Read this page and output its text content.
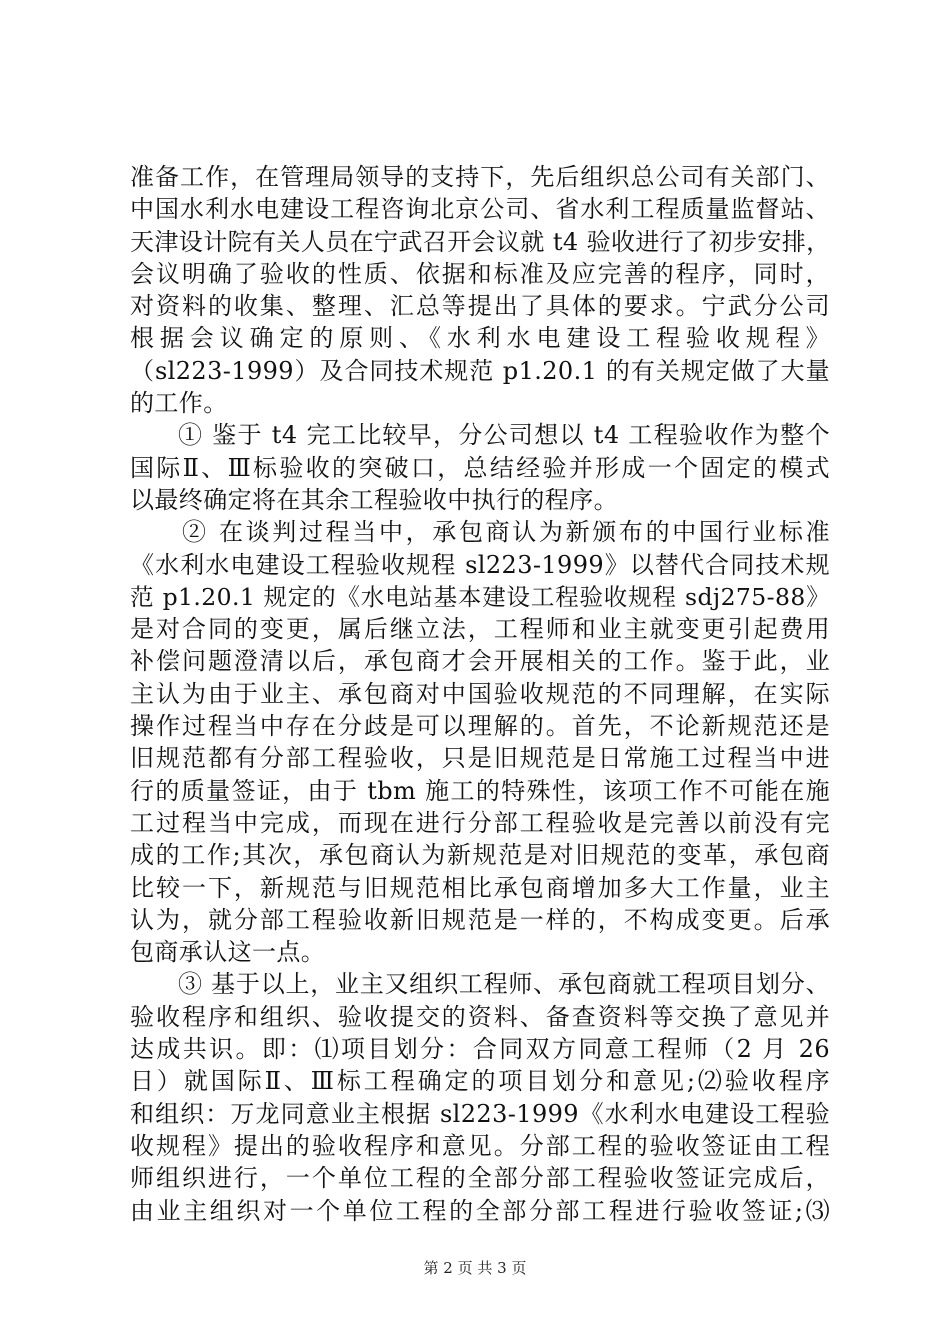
准备工作，在管理局领导的支持下，先后组织总公司有关部门、
中国水利水电建设工程咨询北京公司、省水利工程质量监督站、
天津设计院有关人员在宁武召开会议就 t4 验收进行了初步安排，
会议明确了验收的性质、依据和标准及应完善的程序，同时，
对资料的收集、整理、汇总等提出了具体的要求。宁武分公司
根据会议确定的原则、《水利水电建设工程验收规程》
（sl223-1999）及合同技术规范 p1.20.1 的有关规定做了大量
的工作。
① 鉴于 t4 完工比较早，分公司想以 t4 工程验收作为整个
国际Ⅱ、Ⅲ标验收的突破口，总结经验并形成一个固定的模式
以最终确定将在其余工程验收中执行的程序。
② 在谈判过程当中，承包商认为新颁布的中国行业标准
《水利水电建设工程验收规程 sl223-1999》以替代合同技术规
范 p1.20.1 规定的《水电站基本建设工程验收规程 sdj275-88》
是对合同的变更，属后继立法，工程师和业主就变更引起费用
补偿问题澄清以后，承包商才会开展相关的工作。鉴于此，业
主认为由于业主、承包商对中国验收规范的不同理解，在实际
操作过程当中存在分歧是可以理解的。首先，不论新规范还是
旧规范都有分部工程验收，只是旧规范是日常施工过程当中进
行的质量签证，由于 tbm 施工的特殊性，该项工作不可能在施
工过程当中完成，而现在进行分部工程验收是完善以前没有完
成的工作;其次，承包商认为新规范是对旧规范的变革，承包商
比较一下，新规范与旧规范相比承包商增加多大工作量，业主
认为，就分部工程验收新旧规范是一样的，不构成变更。后承
包商承认这一点。
③ 基于以上，业主又组织工程师、承包商就工程项目划分、
验收程序和组织、验收提交的资料、备查资料等交换了意见并
达成共识。即：⑴项目划分：合同双方同意工程师（2 月 26
日）就国际Ⅱ、Ⅲ标工程确定的项目划分和意见;⑵验收程序
和组织：万龙同意业主根据 sl223-1999《水利水电建设工程验
收规程》提出的验收程序和意见。分部工程的验收签证由工程
师组织进行，一个单位工程的全部分部工程验收签证完成后，
由业主组织对一个单位工程的全部分部工程进行验收签证;⑶
第 2 页 共 3 页
